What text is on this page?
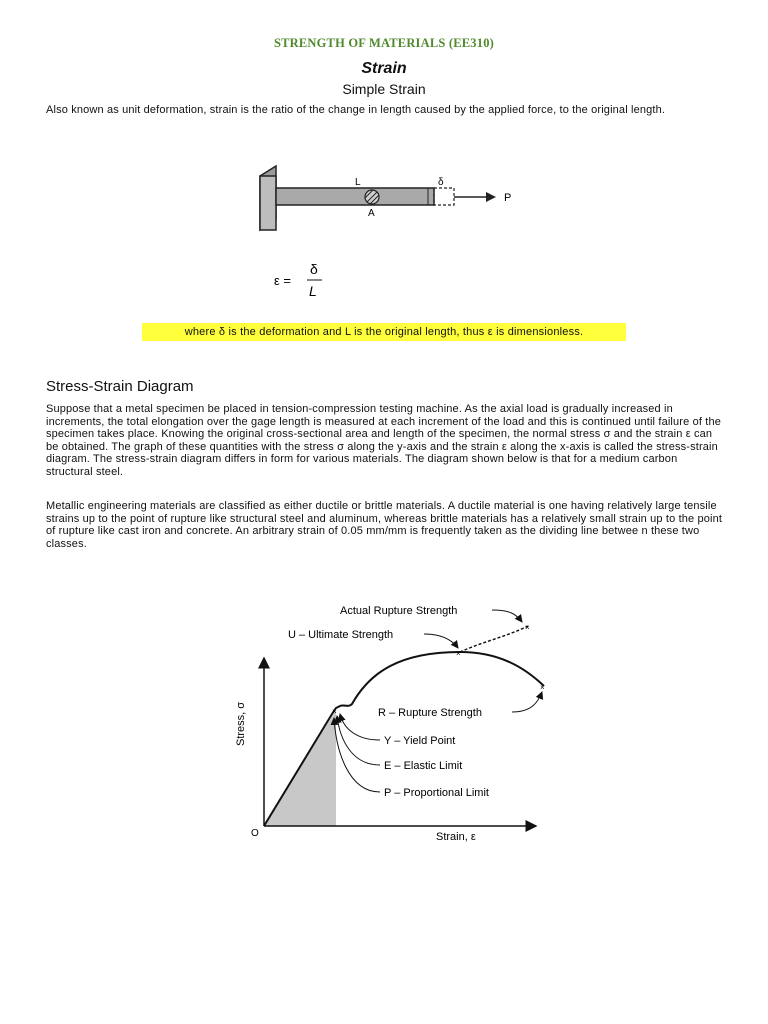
STRENGTH OF MATERIALS (EE310)
Strain
Simple Strain
Also known as unit deformation, strain is the ratio of the change in length caused by the applied force, to the original length.
L	δ
P
A
ε =
δ
L
where δ is the deformation and L is the original length, thus ε is dimensionless.
Stress-Strain Diagram
Suppose that a metal specimen be placed in tension-compression testing machine. As the axial load is gradually increased in increments, the total elongation over the gage length is measured at each increment of the load and this is continued until failure of the specimen takes place. Knowing the original cross-sectional area and length of the specimen, the normal stress σ and the strain ε can be obtained. The graph of these quantities with the stress σ along the y-axis and the strain ε along the x-axis is called the stress-strain diagram. The stress-strain diagram differs in form for various materials. The diagram shown below is that for a medium carbon structural steel.
Metallic engineering materials are classified as either ductile or brittle materials. A ductile material is one having relatively large tensile strains up to the point of rupture like structural steel and aluminum, whereas brittle materials has a relatively small strain up to the point of rupture like cast iron and concrete. An arbitrary strain of 0.05 mm/mm is frequently taken as the dividing line betwee n these two classes.
O	Strain, ε
Stress, σ	×
×
×
×
Actual Rupture Strength
U – Ultimate Strength
R – Rupture Strength
Y – Yield Point
E – Elastic Limit
P – Proportional Limit
